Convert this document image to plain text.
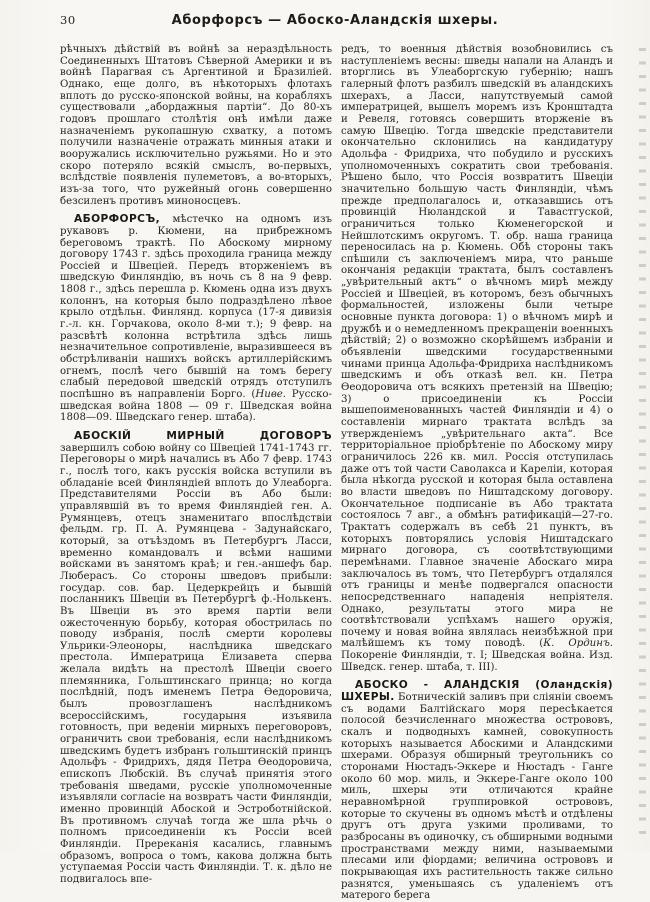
30	Аборфорсъ — Абоско-Аландскія шхеры.

рѣчныхъ дѣйствій въ войнѣ за нераздѣльность Соединенныхъ Штатовъ Сѣверной Америки и въ войнѣ Парагвая съ Аргентиной и Бразиліей. Однако, еще долго, въ нѣкоторыхъ флотахъ вплоть до русско-японской войны, на корабляхъ существовали „абордажныя партіи“. До 80-хъ годовъ прошлаго столѣтія онѣ имѣли даже назначеніемъ рукопашную схватку, а потомъ получили назначеніе отражать минныя атаки и вооружались исключительно ружьями. Но и это скоро потеряло всякій смыслъ, во-первыхъ, вслѣдствіе появленія пулеметовъ, а во-вторыхъ, изъ-за того, что ружейный огонь совершенно безсиленъ противъ миноносцевъ.

АБОРФОРСЪ, мѣстечко на одномъ изъ рукавовъ р. Кюмени, на прибрежномъ береговомъ трактѣ. По Абоскому мирному договору 1743 г. здѣсь проходила граница между Россіей и Швеціей. Передъ вторженіемъ въ шведскую Финляндію, въ ночь съ 8 на 9 февр. 1808 г., здѣсь перешла р. Кюмень одна изъ двухъ колоннъ, на которыя было подраздѣлено лѣвое крыло отдѣльн. Финлянд. корпуса (17-я дивизія г.-л. кн. Горчакова, около 8-ми т.); 9 февр. на разсвѣтѣ колонна встрѣтила здѣсь лишь незначительное сопротивленіе, выразившееся въ обстрѣливаніи нашихъ войскъ артиллерійскимъ огнемъ, послѣ чего бывшій на томъ берегу слабый передовой шведскій отрядъ отступилъ поспѣшно въ направленіи Борго. (Ниве. Русско-шведская война 1808 — 09 г. Шведская война 1808—09. Шведскаго генер. штаба).

АБОСКІЙ МИРНЫЙ ДОГОВОРЪ завершилъ собою войну со Швеціей 1741-1743 гг. Переговоры о мирѣ начались въ Або 7 февр. 1743 г., послѣ того, какъ русскія войска вступили въ обладаніе всей Финляндіей вплоть до Улеаборга. Представителями Россіи въ Або были: управлявшій въ то время Финляндіей ген. А. Румянцевъ, отецъ знаменитаго впослѣдствіи фельдм. гр. П. А. Румянцева - Задунайскаго, который, за отъѣздомъ въ Петербургъ Ласси, временно командовалъ и всѣми нашими войсками въ занятомъ краѣ; и ген.-аншефъ бар. Люберасъ. Со стороны шведовъ прибыли: государ. сов. бар. Цедеркрейцъ и бывшій посланникъ Швеціи въ Петербургѣ ф.-Нолькенъ. Въ Швеціи въ это время партіи вели ожесточенную борьбу, которая обострилась по поводу избранія, послѣ смерти королевы Ульрики-Элеоноры, наслѣдника шведскаго престола. Императрица Елизавета сперва желала видѣть на престолѣ Швеціи своего племянника, Гольштинскаго принца; но когда послѣдній, подъ именемъ Петра Ѳедоровича, былъ провозглашенъ наслѣдникомъ всероссійскимъ, государыня изъявила готовность, при веденіи мирныхъ переговоровъ, ограничить свои требованія, если наслѣдникомъ шведскимъ будетъ избранъ гольштинскій принцъ Адольфъ - Фридрихъ, дядя Петра Ѳеодоровича, епископъ Любскій. Въ случаѣ принятія этого требованія шведами, русскіе уполномоченные изъявляли согласіе на возвратъ части Финляндіи, именно провинцій Абоской и Эстроботнійской. Въ противномъ случаѣ тогда же шла рѣчь о полномъ присоединеніи къ Россіи всей Финляндіи. Пререканія касались, главнымъ образомъ, вопроса о томъ, какова должна быть уступаемая Россіи часть Финляндіи. Т. к. дѣло не подвигалось впе-

редъ, то военныя дѣйствія возобновились съ наступленіемъ весны: шведы напали на Аландъ и вторглись въ Улеаборгскую губернію; нашъ галерный флотъ разбилъ шведскій въ аландскихъ шхерахъ, а Ласси, напутствуемый самой императрицей, вышелъ моремъ изъ Кронштадта и Ревеля, готовясь совершить вторженіе въ самую Швецію. Тогда шведскіе представители окончательно склонились на кандидатуру Адольфа - Фридриха, что побудило и русскихъ уполномоченныхъ сократить свои требованія. Рѣшено было, что Россія возвратитъ Швеціи значительно большую часть Финляндіи, чѣмъ прежде предполагалось и, отказавшись отъ провинцій Нюландской и Тавастгуской, ограничиться только Кюменегорской и Нейшлотскимъ округомъ. Т. обр. наша граница переносилась на р. Кюмень. Обѣ стороны такъ спѣшили съ заключеніемъ мира, что раньше окончанія редакціи трактата, былъ составленъ „увѣрительный актъ“ о вѣчномъ мирѣ между Россіей и Швеціей, въ которомъ, безъ обычныхъ формальностей, изложены были четыре основные пункта договора: 1) о вѣчномъ мирѣ и дружбѣ и о немедленномъ прекращеніи военныхъ дѣйствій; 2) о возможно скорѣйшемъ избраніи и объявленіи шведскими государственными чинами принца Адольфа-Фридриха наслѣдникомъ шведскимъ и объ отказѣ вел. кн. Петра Ѳеодоровича отъ всякихъ претензій на Швецію; 3) о присоединеніи къ Россіи вышепоименованныхъ частей Финляндіи и 4) о составленіи мирнаго трактата вслѣдъ за утвержденіемъ „увѣрительнаго акта“. Все территоріальное пріобрѣтеніе по Абоскому миру ограничилось 226 кв. мил. Россія отступилась даже отъ той части Саволакса и Кареліи, которая была нѣкогда русской и которая была оставлена во власти шведовъ по Ништадскому договору. Окончательное подписаніе въ Або трактата состоялось 7 авг., а обмѣнъ ратификацій—27-го. Трактатъ содержалъ въ себѣ 21 пунктъ, въ которыхъ повторялись условія Ништадскаго мирнаго договора, съ соотвѣтствующими перемѣнами. Главное значеніе Абоскаго мира заключалось въ томъ, что Петербургъ отдалялся отъ границы и менѣе подвергался опасности непосредственнаго нападенія непріятеля. Однако, результаты этого мира не соотвѣтствовали успѣхамъ нашего оружія, почему и новая война являлась неизбѣжной при малѣйшемъ къ тому поводѣ. (К. Ординъ. Покореніе Финляндіи, т. I; Шведская война. Изд. Шведск. генер. штаба, т. III).

АБОСКО - АЛАНДСКІЯ (Оландскія) ШХЕРЫ. Ботническій заливъ при сліяніи своемъ съ водами Балтійскаго моря пересѣкается полосой безчисленнаго множества острововъ, скалъ и подводныхъ камней, совокупность которыхъ называется Абоскими и Аландскими шхерами. Образуя обширный треугольникъ со сторонами Нюстадъ-Эккере и Нюстадъ - Ганге около 60 мор. миль, и Эккере-Ганге около 100 миль, шхеры эти отличаются крайне неравномѣрной группировкой острововъ, которые то скучены въ одномъ мѣстѣ и отдѣлены другъ отъ друга узкими проливами, то разбросаны въ одиночку, съ обширными водными пространствами между ними, называемыми плесами или фіордами; величина острововъ и покрывающая ихъ растительность также сильно разнятся, уменьшаясь съ удаленіемъ отъ матерого берега
